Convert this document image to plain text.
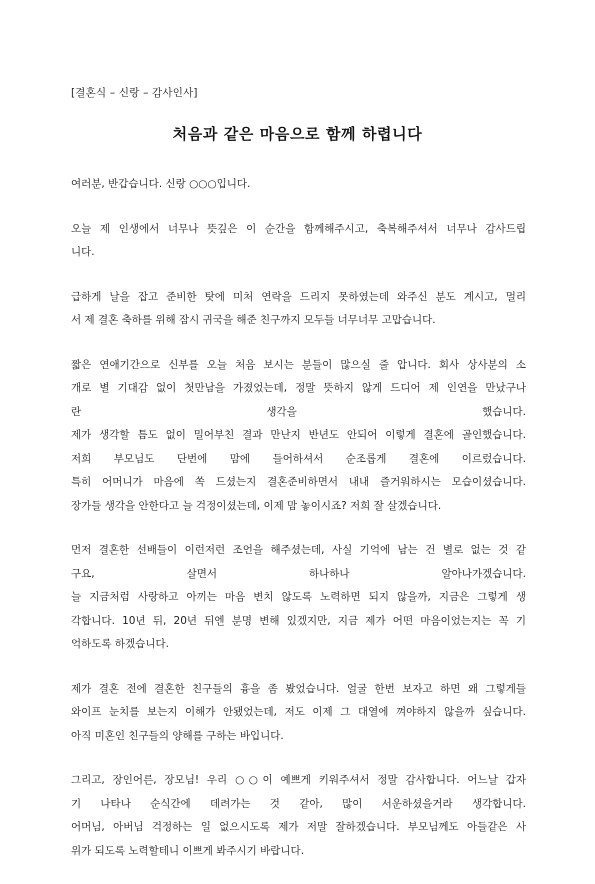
[결혼식 – 신랑 – 감사인사]
처음과 같은 마음으로 함께 하렵니다
여러분, 반갑습니다. 신랑 ○○○입니다.
오늘 제 인생에서 너무나 뜻깊은 이 순간을 함께해주시고, 축복해주셔서 너무나 감사드립
니다.
급하게 날을 잡고 준비한 탓에 미처 연락을 드리지 못하였는데 와주신 분도 계시고, 멀리
서 제 결혼 축하를 위해 잠시 귀국을 해준 친구까지 모두들 너무너무 고맙습니다.
짧은 연애기간으로 신부를 오늘 처음 보시는 분들이 많으실 줄 압니다. 회사 상사분의 소
개로 별 기대감 없이 첫만남을 가졌었는데, 정말 뜻하지 않게 드디어 제 인연을 만났구나
란 생각을 했습니다.
제가 생각할 틈도 없이 밀어부친 결과 만난지 반년도 안되어 이렇게 결혼에 골인했습니다.
저희 부모님도 단번에 맘에 들어하셔서 순조롭게 결혼에 이르렀습니다.
특히 어머니가 마음에 쏙 드셨는지 결혼준비하면서 내내 즐거워하시는 모습이셨습니다.
장가들 생각을 안한다고 늘 걱정이셨는데, 이제 맘 놓이시죠? 저희 잘 살겠습니다.
먼저 결혼한 선배들이 이런저런 조언을 해주셨는데, 사실 기억에 남는 건 별로 없는 것 같
구요, 살면서 하나하나 알아나가겠습니다.
늘 지금처럼 사랑하고 아끼는 마음 변치 않도록 노력하면 되지 않을까, 지금은 그렇게 생
각합니다. 10년 뒤, 20년 뒤엔 분명 변해 있겠지만, 지금 제가 어떤 마음이었는지는 꼭 기
억하도록 하겠습니다.
제가 결혼 전에 결혼한 친구들의 흉을 좀 봤었습니다. 얼굴 한번 보자고 하면 왜 그렇게들
와이프 눈치를 보는지 이해가 안됐었는데, 저도 이제 그 대열에 껴야하지 않을까 싶습니다.
아직 미혼인 친구들의 양해를 구하는 바입니다.
그리고, 장인어른, 장모님! 우리 ○○이 예쁘게 키워주셔서 정말 감사합니다. 어느날 갑자
기 나타나 순식간에 데려가는 것 같아, 많이 서운하셨을거라 생각합니다.
어머님, 아버님 걱정하는 일 없으시도록 제가 저말 잘하겠습니다. 부모님께도 아들같은 사
위가 되도록 노력할테니 이쁘게 봐주시기 바랍니다.
